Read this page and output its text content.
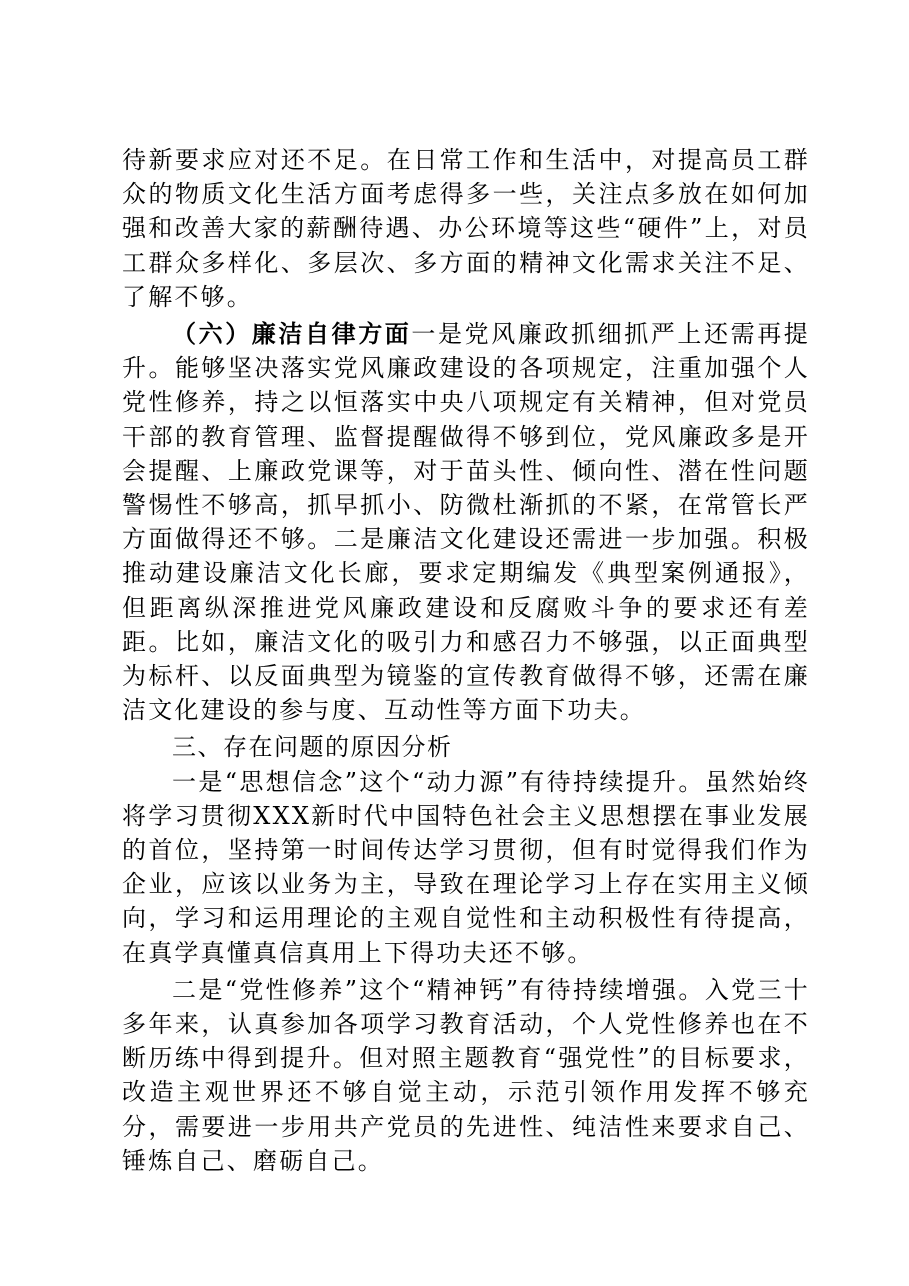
待新要求应对还不足。在日常工作和生活中，对提高员工群众的物质文化生活方面考虑得多一些，关注点多放在如何加强和改善大家的薪酬待遇、办公环境等这些“硬件”上，对员工群众多样化、多层次、多方面的精神文化需求关注不足、了解不够。

（六）廉洁自律方面一是党风廉政抓细抓严上还需再提升。能够坚决落实党风廉政建设的各项规定，注重加强个人党性修养，持之以恒落实中央八项规定有关精神，但对党员干部的教育管理、监督提醒做得不够到位，党风廉政多是开会提醒、上廉政党课等，对于苗头性、倾向性、潜在性问题警惕性不够高，抓早抓小、防微杜渐抓的不紧，在常管长严方面做得还不够。二是廉洁文化建设还需进一步加强。积极推动建设廉洁文化长廊，要求定期编发《典型案例通报》，但距离纵深推进党风廉政建设和反腐败斗争的要求还有差距。比如，廉洁文化的吸引力和感召力不够强，以正面典型为标杆、以反面典型为镜鉴的宣传教育做得不够，还需在廉洁文化建设的参与度、互动性等方面下功夫。

三、存在问题的原因分析

一是“思想信念”这个“动力源”有待持续提升。虽然始终将学习贯彻XXX新时代中国特色社会主义思想摆在事业发展的首位，坚持第一时间传达学习贯彻，但有时觉得我们作为企业，应该以业务为主，导致在理论学习上存在实用主义倾向，学习和运用理论的主观自觉性和主动积极性有待提高，在真学真懂真信真用上下得功夫还不够。

二是“党性修养”这个“精神钙”有待持续增强。入党三十多年来，认真参加各项学习教育活动，个人党性修养也在不断历练中得到提升。但对照主题教育“强党性”的目标要求，改造主观世界还不够自觉主动，示范引领作用发挥不够充分，需要进一步用共产党员的先进性、纯洁性来要求自己、锤炼自己、磨砺自己。
